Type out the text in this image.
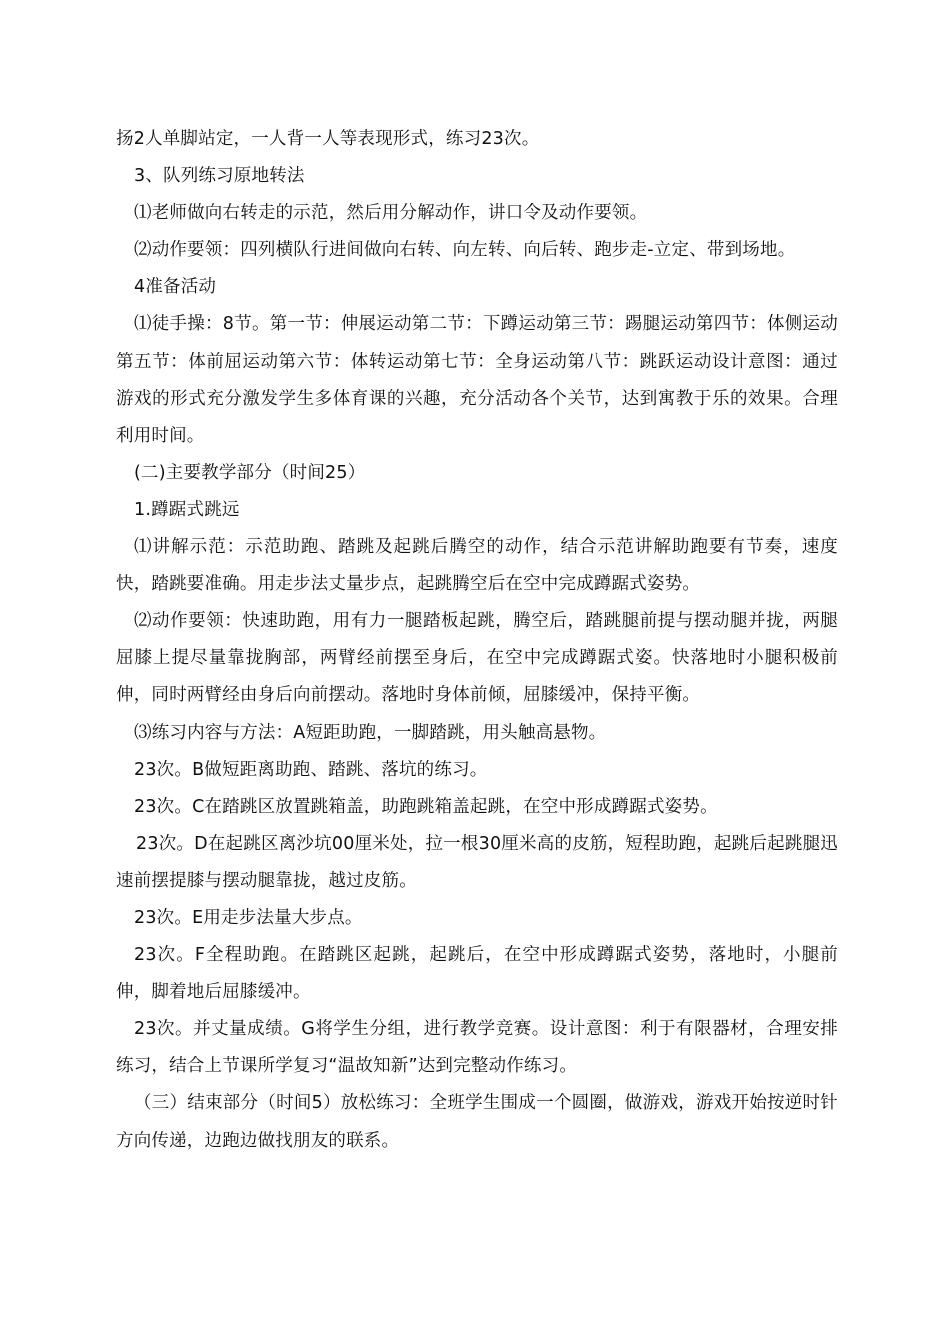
扬2人单脚站定，一人背一人等表现形式，练习23次。

3、队列练习原地转法

⑴老师做向右转走的示范，然后用分解动作，讲口令及动作要领。

⑵动作要领：四列横队行进间做向右转、向左转、向后转、跑步走-立定、带到场地。

4准备活动

⑴徒手操：8节。第一节：伸展运动第二节：下蹲运动第三节：踢腿运动第四节：体侧运动第五节：体前屈运动第六节：体转运动第七节：全身运动第八节：跳跃运动设计意图：通过游戏的形式充分激发学生多体育课的兴趣，充分活动各个关节，达到寓教于乐的效果。合理利用时间。

(二)主要教学部分（时间25）

1.蹲踞式跳远

⑴讲解示范：示范助跑、踏跳及起跳后腾空的动作，结合示范讲解助跑要有节奏，速度快，踏跳要准确。用走步法丈量步点，起跳腾空后在空中完成蹲踞式姿势。

⑵动作要领：快速助跑，用有力一腿踏板起跳，腾空后，踏跳腿前提与摆动腿并拢，两腿屈膝上提尽量靠拢胸部，两臂经前摆至身后，在空中完成蹲踞式姿。快落地时小腿积极前伸，同时两臂经由身后向前摆动。落地时身体前倾，屈膝缓冲，保持平衡。

⑶练习内容与方法：A短距助跑，一脚踏跳，用头触高悬物。

23次。B做短距离助跑、踏跳、落坑的练习。

23次。C在踏跳区放置跳箱盖，助跑跳箱盖起跳，在空中形成蹲踞式姿势。

23次。D在起跳区离沙坑00厘米处，拉一根30厘米高的皮筋，短程助跑，起跳后起跳腿迅速前摆提膝与摆动腿靠拢，越过皮筋。

23次。E用走步法量大步点。

23次。F全程助跑。在踏跳区起跳，起跳后，在空中形成蹲踞式姿势，落地时，小腿前伸，脚着地后屈膝缓冲。

23次。并丈量成绩。G将学生分组，进行教学竞赛。设计意图：利于有限器材，合理安排练习，结合上节课所学复习“温故知新”达到完整动作练习。

（三）结束部分（时间5）放松练习：全班学生围成一个圆圈，做游戏，游戏开始按逆时针方向传递，边跑边做找朋友的联系。
